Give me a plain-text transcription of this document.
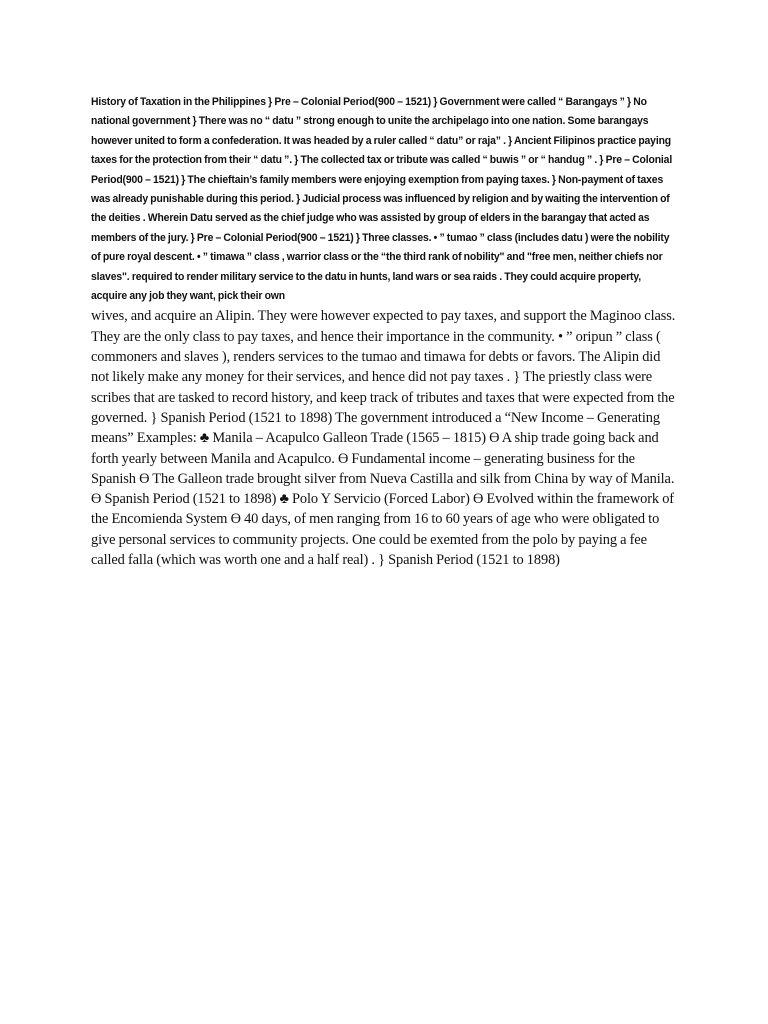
History of Taxation in the Philippines } Pre – Colonial Period(900 – 1521) } Government were called “ Barangays ” } No national government } There was no “ datu ” strong enough to unite the archipelago into one nation. Some barangays however united to form a confederation. It was headed by a ruler called “ datu” or raja” . } Ancient Filipinos practice paying taxes for the protection from their “ datu ”. } The collected tax or tribute was called “ buwis ” or “ handug ” . } Pre – Colonial Period(900 – 1521) } The chieftain’s family members were enjoying exemption from paying taxes. } Non-payment of taxes was already punishable during this period. } Judicial process was influenced by religion and by waiting the intervention of the deities . Wherein Datu served as the chief judge who was assisted by group of elders in the barangay that acted as members of the jury. } Pre – Colonial Period(900 – 1521) } Three classes. • ” tumao ” class (includes datu ) were the nobility of pure royal descent. • ” timawa ” class , warrior class or the “the third rank of nobility" and "free men, neither chiefs nor slaves". required to render military service to the datu in hunts, land wars or sea raids . They could acquire property, acquire any job they want, pick their own

wives, and acquire an Alipin. They were however expected to pay taxes, and support the Maginoo class. They are the only class to pay taxes, and hence their importance in the community. • ” oripun ” class ( commoners and slaves ), renders services to the tumao and timawa for debts or favors. The Alipin did not likely make any money for their services, and hence did not pay taxes . } The priestly class were scribes that are tasked to record history, and keep track of tributes and taxes that were expected from the governed. } Spanish Period (1521 to 1898) The government introduced a “New Income – Generating means” Examples: ♣ Manila – Acapulco Galleon Trade (1565 – 1815) Ɵ A ship trade going back and forth yearly between Manila and Acapulco. Ɵ Fundamental income – generating business for the Spanish Ɵ The Galleon trade brought silver from Nueva Castilla and silk from China by way of Manila. Ɵ Spanish Period (1521 to 1898) ♣ Polo Y Servicio (Forced Labor) Ɵ Evolved within the framework of the Encomienda System Ɵ 40 days, of men ranging from 16 to 60 years of age who were obligated to give personal services to community projects. One could be exemted from the polo by paying a fee called falla (which was worth one and a half real) . } Spanish Period (1521 to 1898)
